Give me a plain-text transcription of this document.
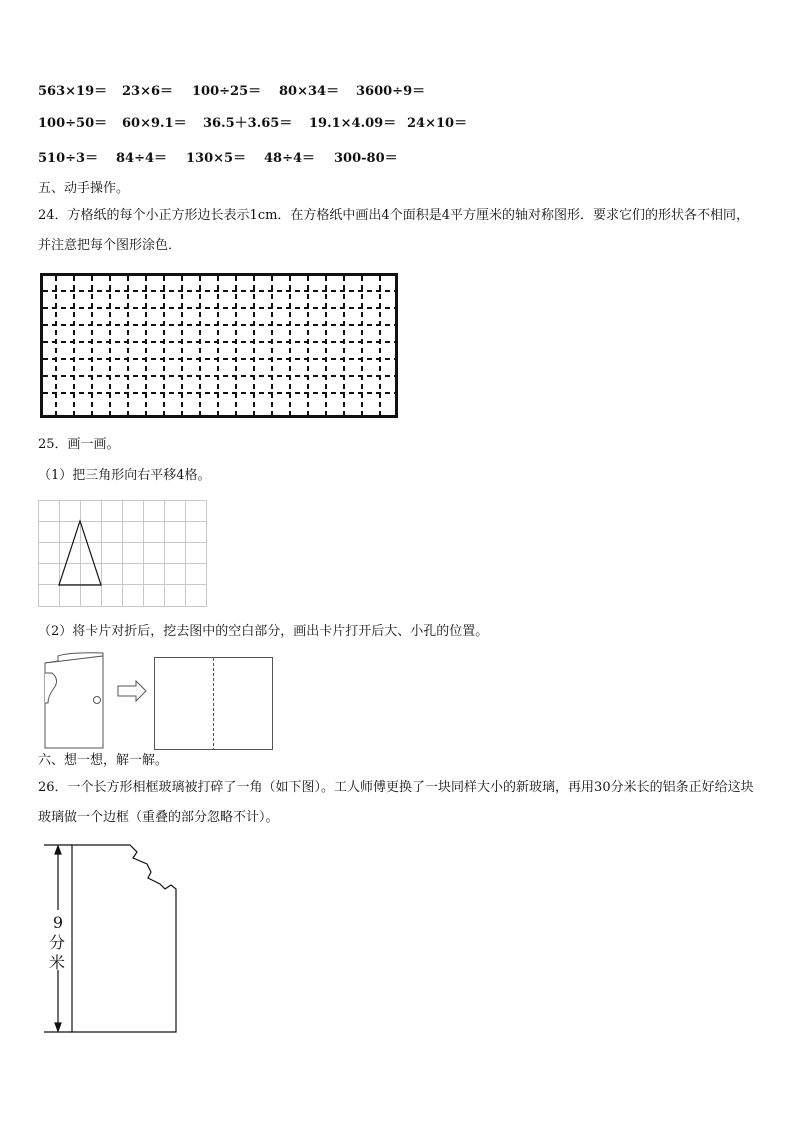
563×19＝ 23×6＝ 100÷25＝ 80×34＝ 3600÷9＝
100÷50＝ 60×9.1＝ 36.5＋3.65＝ 19.1×4.09＝ 24×10＝
510÷3＝ 84÷4＝ 130×5＝ 48÷4＝ 300-80＝
五、动手操作。
24．方格纸的每个小正方形边长表示1cm．在方格纸中画出4个面积是4平方厘米的轴对称图形．要求它们的形状各不相同，并注意把每个图形涂色．
25．画一画。
（1）把三角形向右平移4格。
（2）将卡片对折后，挖去图中的空白部分，画出卡片打开后大、小孔的位置。
六、想一想，解一解。
26．一个长方形相框玻璃被打碎了一角（如下图）。工人师傅更换了一块同样大小的新玻璃，再用30分米长的铝条正好给这块玻璃做一个边框（重叠的部分忽略不计）。
9
分
米
